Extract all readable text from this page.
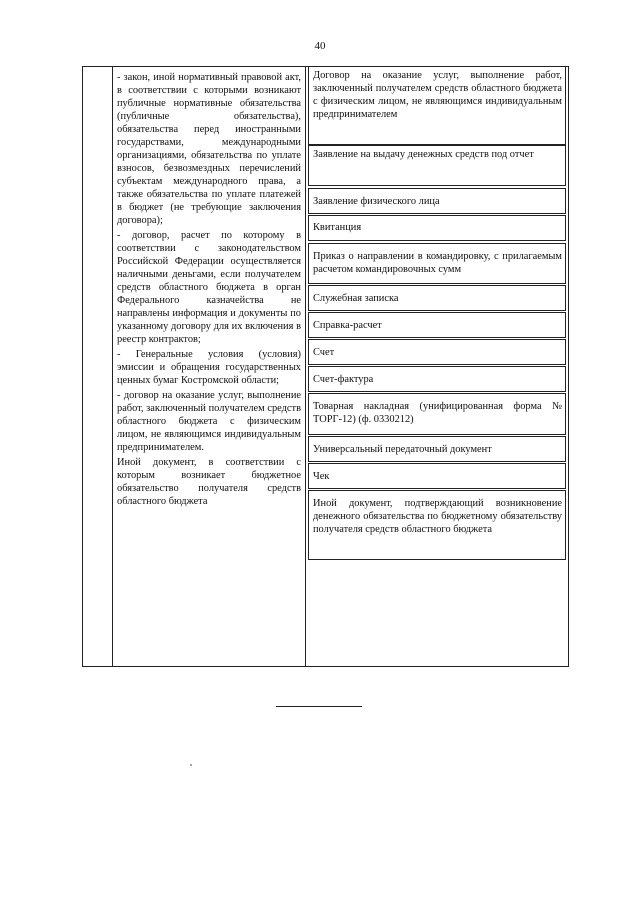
40

- закон, иной нормативный правовой акт, в соответствии с которыми возникают публичные нормативные обязательства (публичные обязательства), обязательства перед иностранными государствами, международными организациями, обязательства по уплате взносов, безвозмездных перечислений субъектам международного права, а также обязательства по уплате платежей в бюджет (не требующие заключения договора);

- договор, расчет по которому в соответствии с законодательством Российской Федерации осуществляется наличными деньгами, если получателем средств областного бюджета в орган Федерального казначейства не направлены информация и документы по указанному договору для их включения в реестр контрактов;

- Генеральные условия (условия) эмиссии и обращения государственных ценных бумаг Костромской области;

- договор на оказание услуг, выполнение работ, заключенный получателем средств областного бюджета с физическим лицом, не являющимся индивидуальным предпринимателем.

Иной документ, в соответствии с которым возникает бюджетное обязательство получателя средств областного бюджета

Договор на оказание услуг, выполнение работ, заключенный получателем средств областного бюджета с физическим лицом, не являющимся индивидуальным предпринимателем
Заявление на выдачу денежных средств под отчет
Заявление физического лица
Квитанция
Приказ о направлении в командировку, с прилагаемым расчетом командировочных сумм
Служебная записка
Справка-расчет
Счет
Счет-фактура
Товарная накладная (унифицированная форма № ТОРГ-12) (ф. 0330212)
Универсальный передаточный документ
Чек
Иной документ, подтверждающий возникновение денежного обязательства по бюджетному обязательству получателя средств областного бюджета
